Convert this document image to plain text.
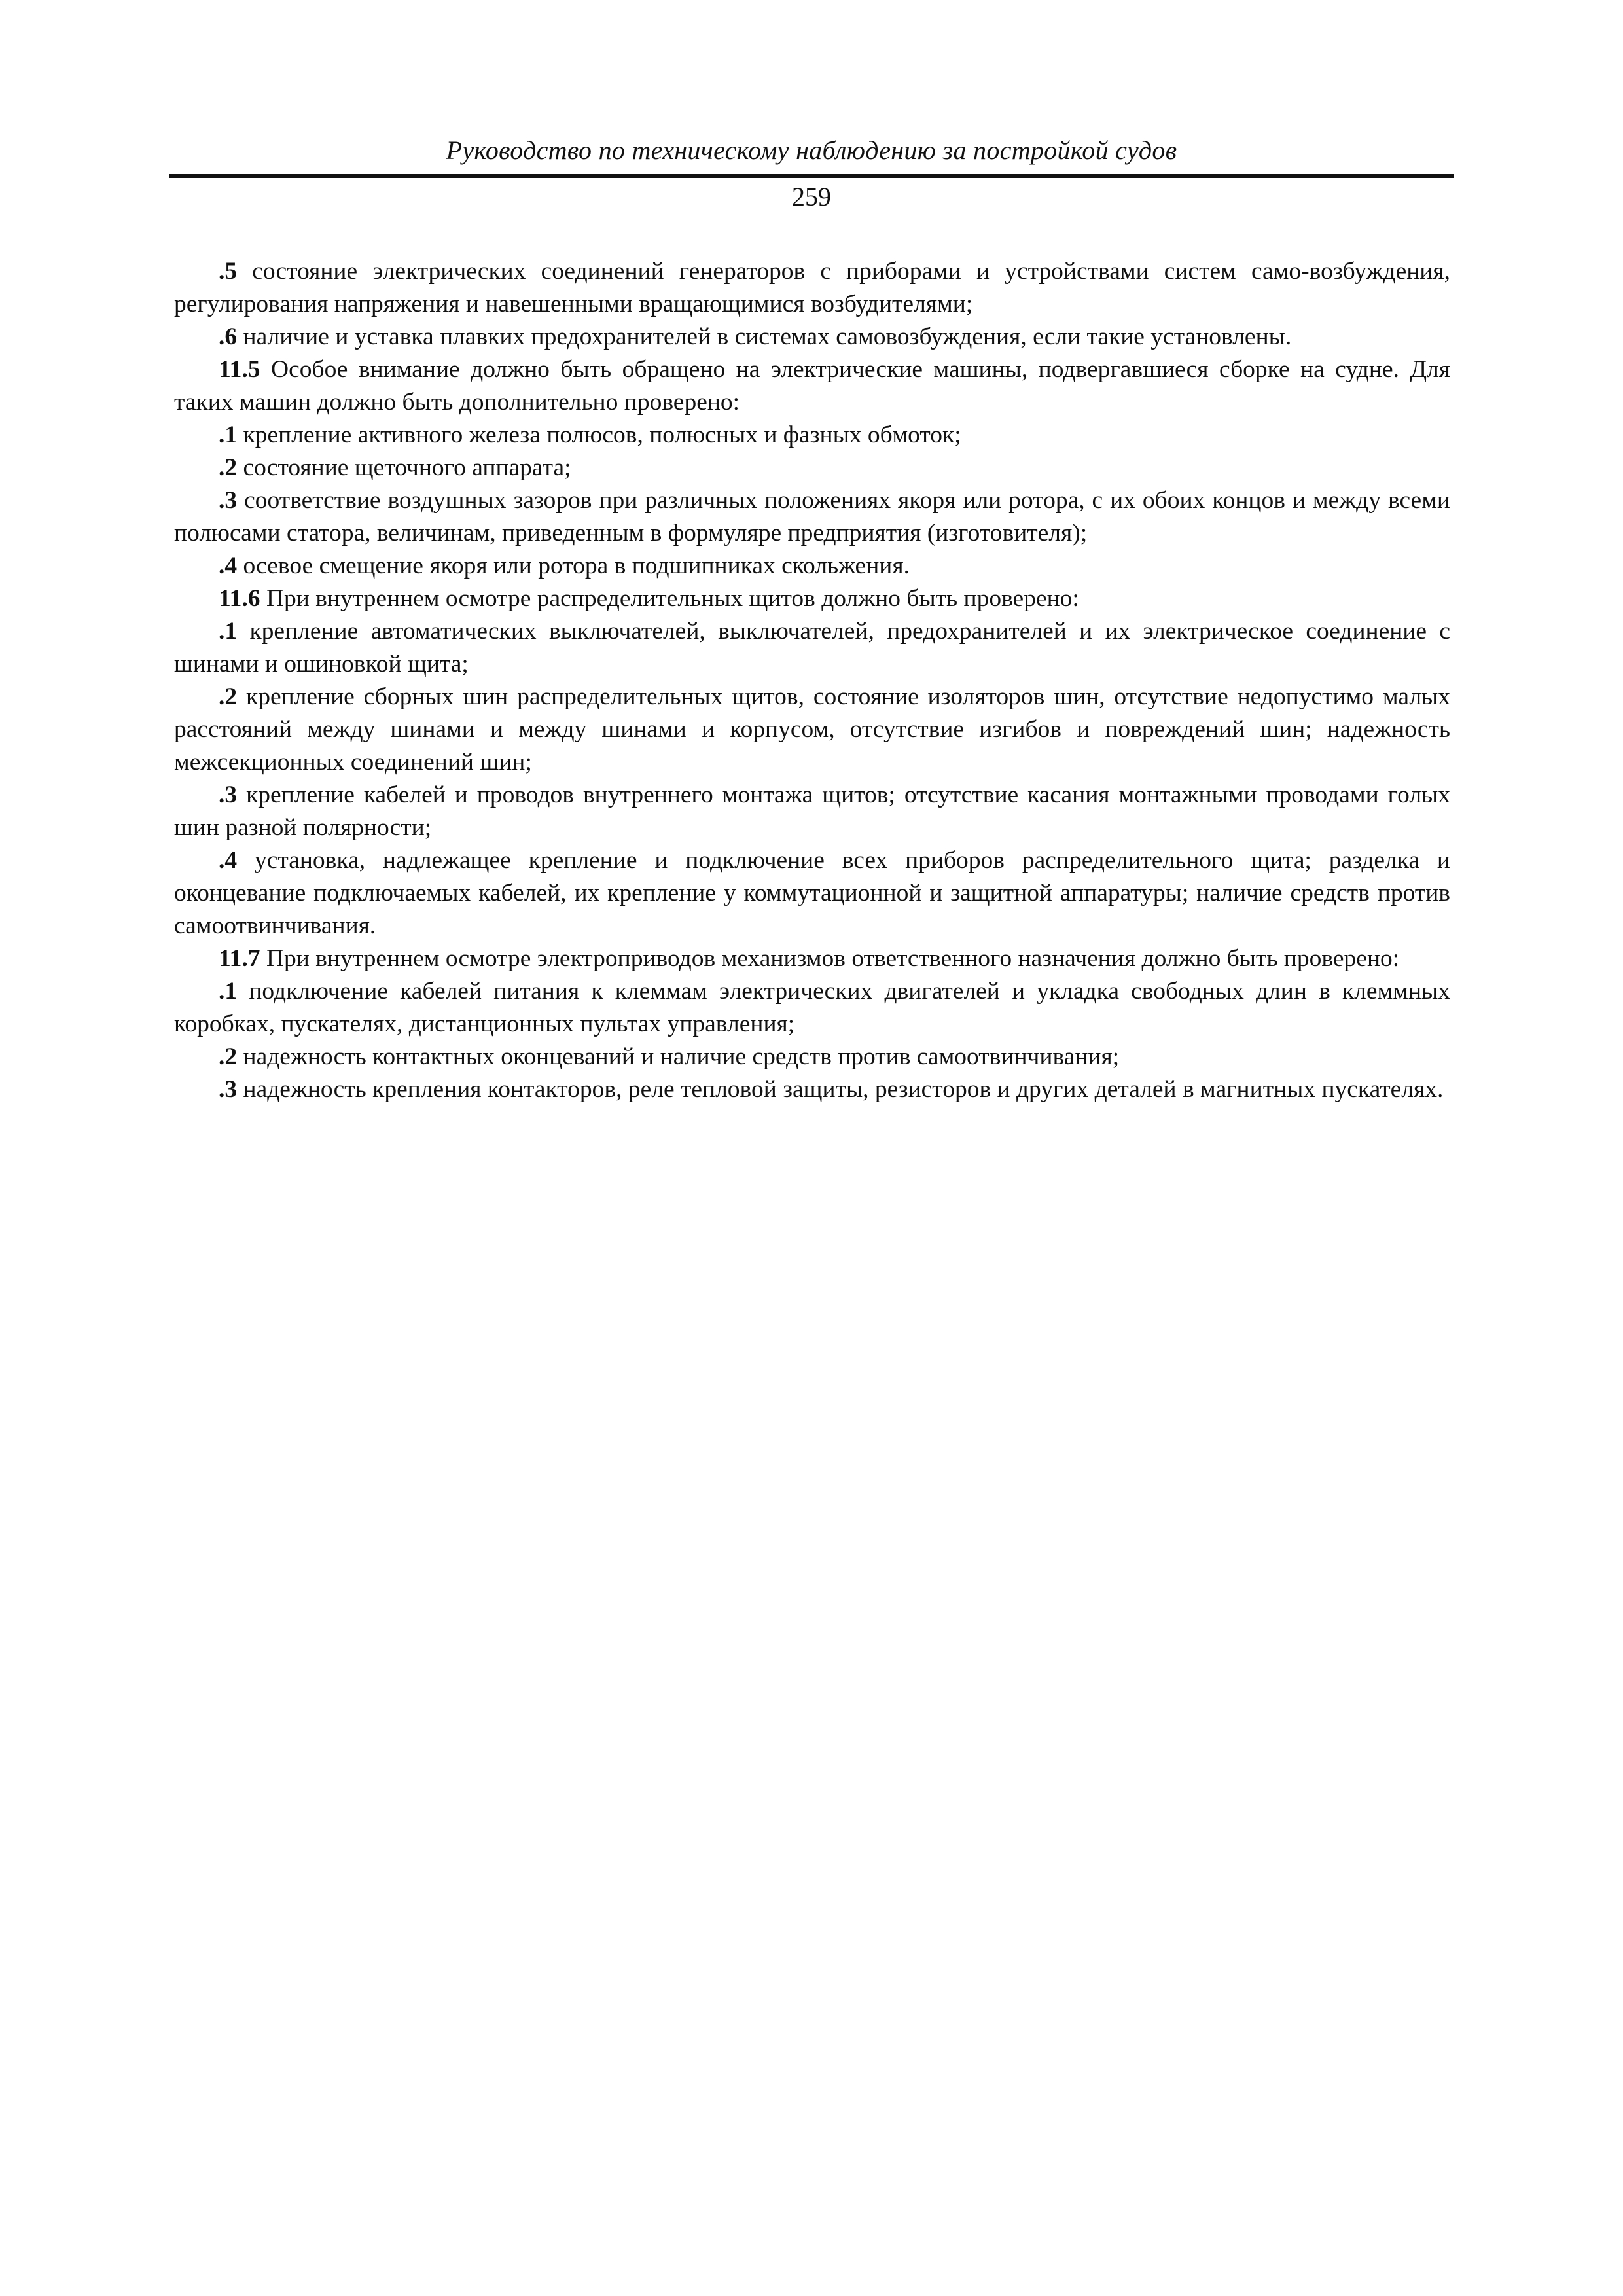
Руководство по техническому наблюдению за постройкой судов
259

.5 состояние электрических соединений генераторов с приборами и устройствами систем само-возбуждения, регулирования напряжения и навешенными вращающимися возбудителями;

.6 наличие и уставка плавких предохранителей в системах самовозбуждения, если такие установлены.

11.5 Особое внимание должно быть обращено на электрические машины, подвергавшиеся сборке на судне. Для таких машин должно быть дополнительно проверено:

.1 крепление активного железа полюсов, полюсных и фазных обмоток;

.2 состояние щеточного аппарата;

.3 соответствие воздушных зазоров при различных положениях якоря или ротора, с их обоих концов и между всеми полюсами статора, величинам, приведенным в формуляре предприятия (изготовителя);

.4 осевое смещение якоря или ротора в подшипниках скольжения.

11.6 При внутреннем осмотре распределительных щитов должно быть проверено:

.1 крепление автоматических выключателей, выключателей, предохранителей и их электрическое соединение с шинами и ошиновкой щита;

.2 крепление сборных шин распределительных щитов, состояние изоляторов шин, отсутствие недопустимо малых расстояний между шинами и между шинами и корпусом, отсутствие изгибов и повреждений шин; надежность межсекционных соединений шин;

.3 крепление кабелей и проводов внутреннего монтажа щитов; отсутствие касания монтажными проводами голых шин разной полярности;

.4 установка, надлежащее крепление и подключение всех приборов распределительного щита; разделка и оконцевание подключаемых кабелей, их крепление у коммутационной и защитной аппаратуры; наличие средств против самоотвинчивания.

11.7 При внутреннем осмотре электроприводов механизмов ответственного назначения должно быть проверено:

.1 подключение кабелей питания к клеммам электрических двигателей и укладка свободных длин в клеммных коробках, пускателях, дистанционных пультах управления;

.2 надежность контактных оконцеваний и наличие средств против самоотвинчивания;

.3 надежность крепления контакторов, реле тепловой защиты, резисторов и других деталей в магнитных пускателях.
